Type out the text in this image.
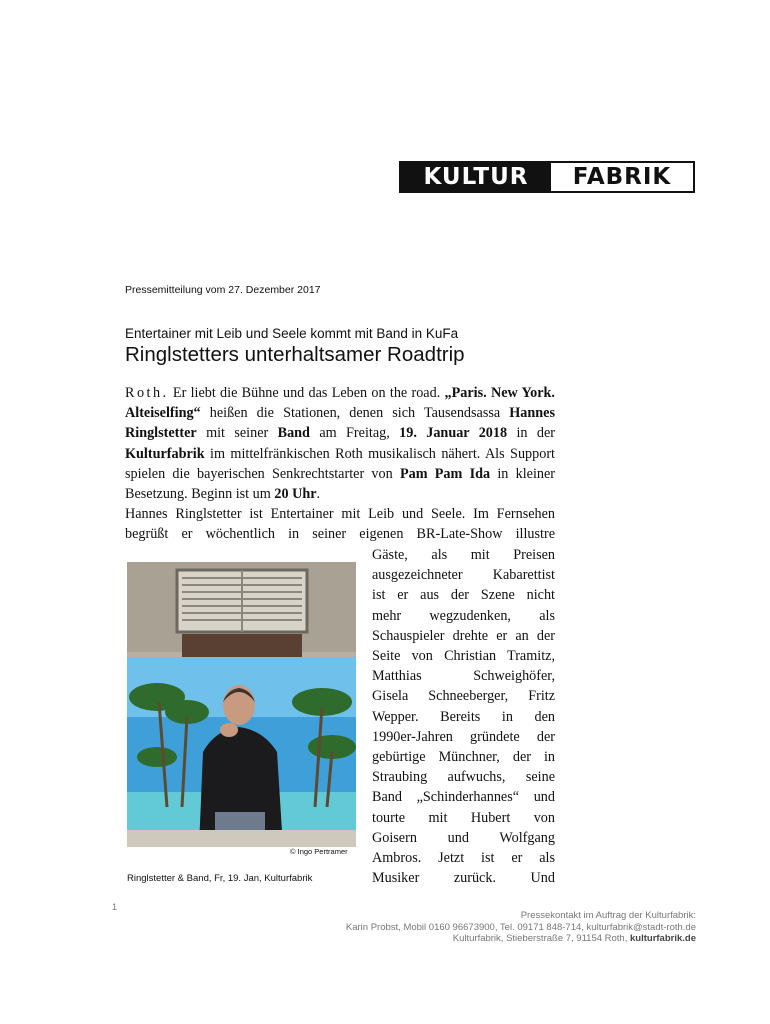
KULTUR	FABRIK
Pressemitteilung vom 27. Dezember 2017
Entertainer mit Leib und Seele kommt mit Band in KuFa
Ringlstetters unterhaltsamer Roadtrip

Roth. Er liebt die Bühne und das Leben on the road. „Paris. New York. Alteiselfing“ heißen die Stationen, denen sich Tausendsassa Hannes Ringlstetter mit seiner Band am Freitag, 19. Januar 2018 in der Kulturfabrik im mittelfränkischen Roth musikalisch nähert. Als Support spielen die bayerischen Senkrechtstarter von Pam Pam Ida in kleiner Besetzung. Beginn ist um 20 Uhr.

Hannes Ringlstetter ist Entertainer mit Leib und Seele. Im Fernsehen

begrüßt er wöchentlich in seiner eigenen BR-Late-Show illustre

Gäste, als mit Preisen
ausgezeichneter Kabarettist
ist er aus der Szene nicht
mehr wegzudenken, als
Schauspieler drehte er an der
Seite von Christian Tramitz,
Matthias Schweighöfer,
Gisela Schneeberger, Fritz
Wepper. Bereits in den
1990er-Jahren gründete der
gebürtige Münchner, der in
Straubing aufwuchs, seine
Band „Schinderhannes“ und
tourte mit Hubert von
Goisern und Wolfgang
Ambros. Jetzt ist er als
Musiker zurück. Und
© Ingo Pertramer
Ringlstetter & Band, Fr, 19. Jan, Kulturfabrik
1
Pressekontakt im Auftrag der Kulturfabrik:
Karin Probst, Mobil 0160 96673900, Tel. 09171 848-714, kulturfabrik@stadt-roth.de
Kulturfabrik, Stieberstraße 7, 91154 Roth, kulturfabrik.de
